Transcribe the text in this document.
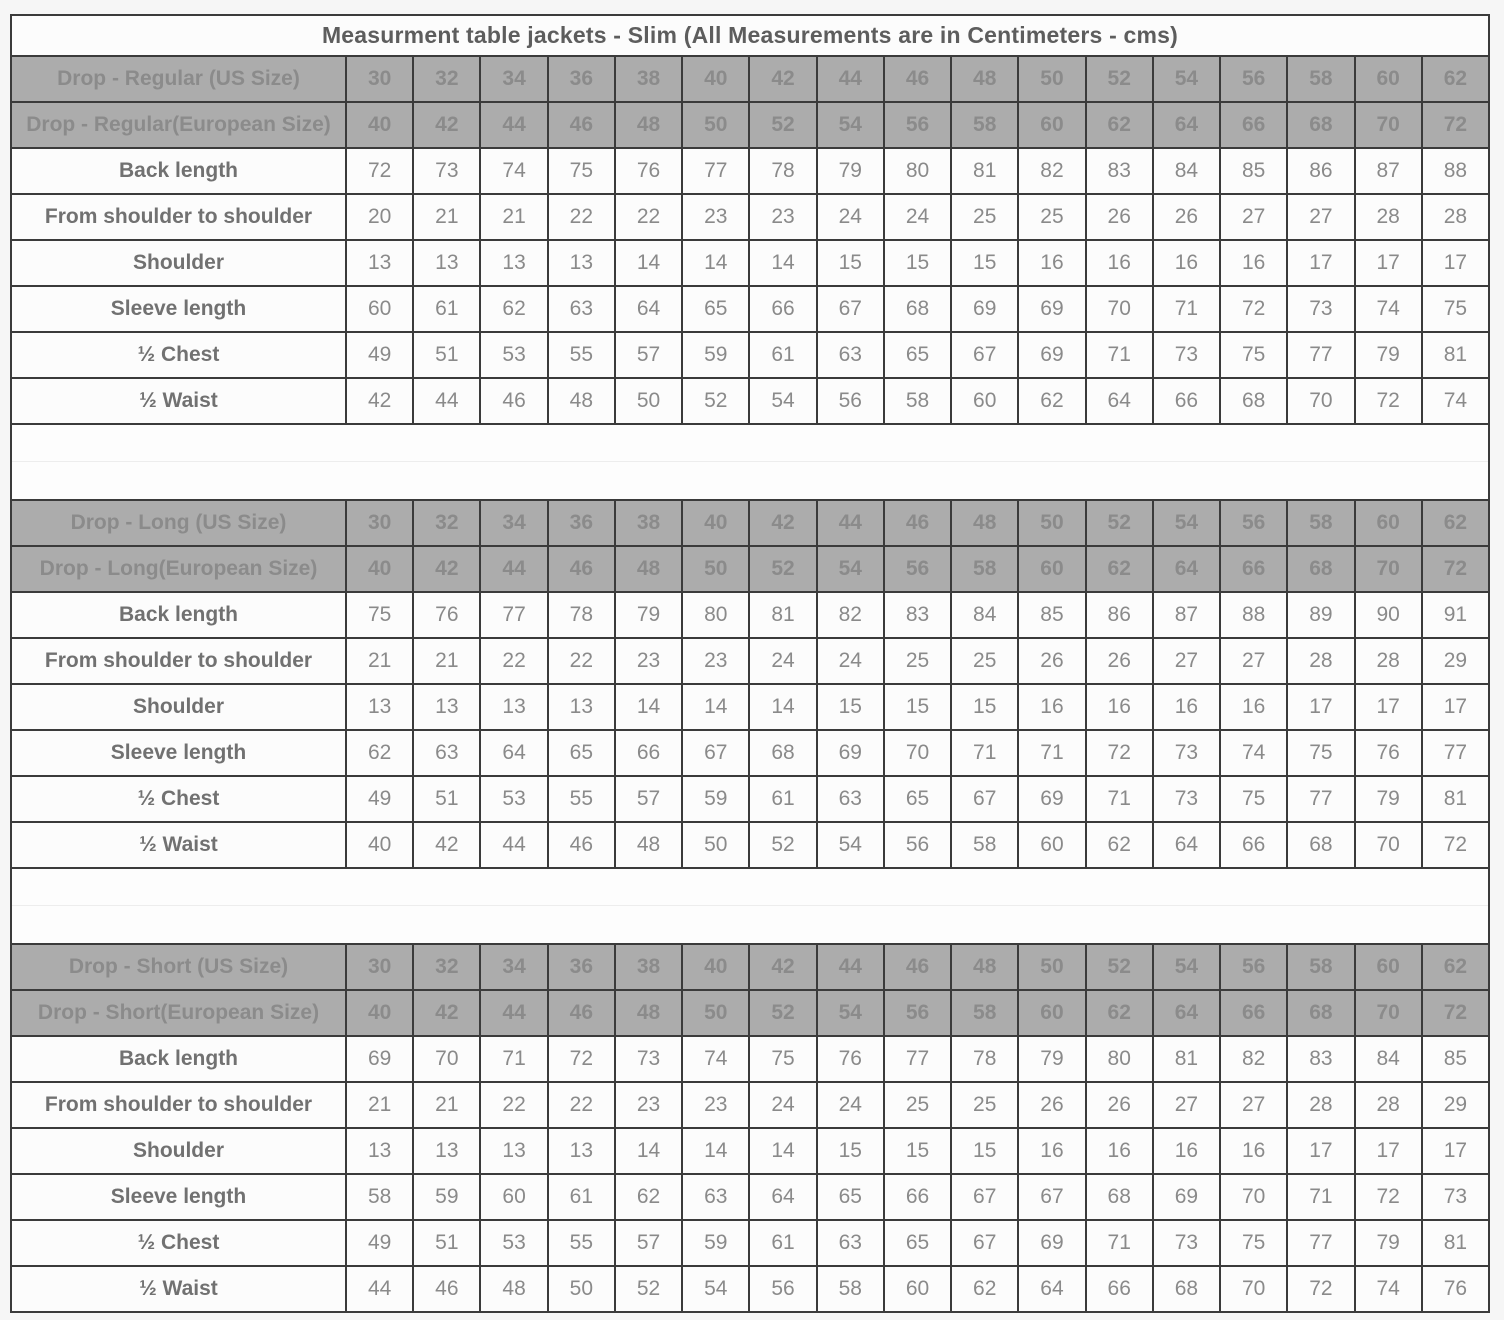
Measurment table jackets - Slim (All Measurements are in Centimeters - cms)
Drop - Regular (US Size)	30	32	34	36	38	40	42	44	46	48	50	52	54	56	58	60	62
Drop - Regular(European Size)	40	42	44	46	48	50	52	54	56	58	60	62	64	66	68	70	72
Back length	72	73	74	75	76	77	78	79	80	81	82	83	84	85	86	87	88
From shoulder to shoulder	20	21	21	22	22	23	23	24	24	25	25	26	26	27	27	28	28
Shoulder	13	13	13	13	14	14	14	15	15	15	16	16	16	16	17	17	17
Sleeve length	60	61	62	63	64	65	66	67	68	69	69	70	71	72	73	74	75
½ Chest	49	51	53	55	57	59	61	63	65	67	69	71	73	75	77	79	81
½ Waist	42	44	46	48	50	52	54	56	58	60	62	64	66	68	70	72	74
Drop - Long (US Size)	30	32	34	36	38	40	42	44	46	48	50	52	54	56	58	60	62
Drop - Long(European Size)	40	42	44	46	48	50	52	54	56	58	60	62	64	66	68	70	72
Back length	75	76	77	78	79	80	81	82	83	84	85	86	87	88	89	90	91
From shoulder to shoulder	21	21	22	22	23	23	24	24	25	25	26	26	27	27	28	28	29
Shoulder	13	13	13	13	14	14	14	15	15	15	16	16	16	16	17	17	17
Sleeve length	62	63	64	65	66	67	68	69	70	71	71	72	73	74	75	76	77
½ Chest	49	51	53	55	57	59	61	63	65	67	69	71	73	75	77	79	81
½ Waist	40	42	44	46	48	50	52	54	56	58	60	62	64	66	68	70	72
Drop - Short (US Size)	30	32	34	36	38	40	42	44	46	48	50	52	54	56	58	60	62
Drop - Short(European Size)	40	42	44	46	48	50	52	54	56	58	60	62	64	66	68	70	72
Back length	69	70	71	72	73	74	75	76	77	78	79	80	81	82	83	84	85
From shoulder to shoulder	21	21	22	22	23	23	24	24	25	25	26	26	27	27	28	28	29
Shoulder	13	13	13	13	14	14	14	15	15	15	16	16	16	16	17	17	17
Sleeve length	58	59	60	61	62	63	64	65	66	67	67	68	69	70	71	72	73
½ Chest	49	51	53	55	57	59	61	63	65	67	69	71	73	75	77	79	81
½ Waist	44	46	48	50	52	54	56	58	60	62	64	66	68	70	72	74	76
